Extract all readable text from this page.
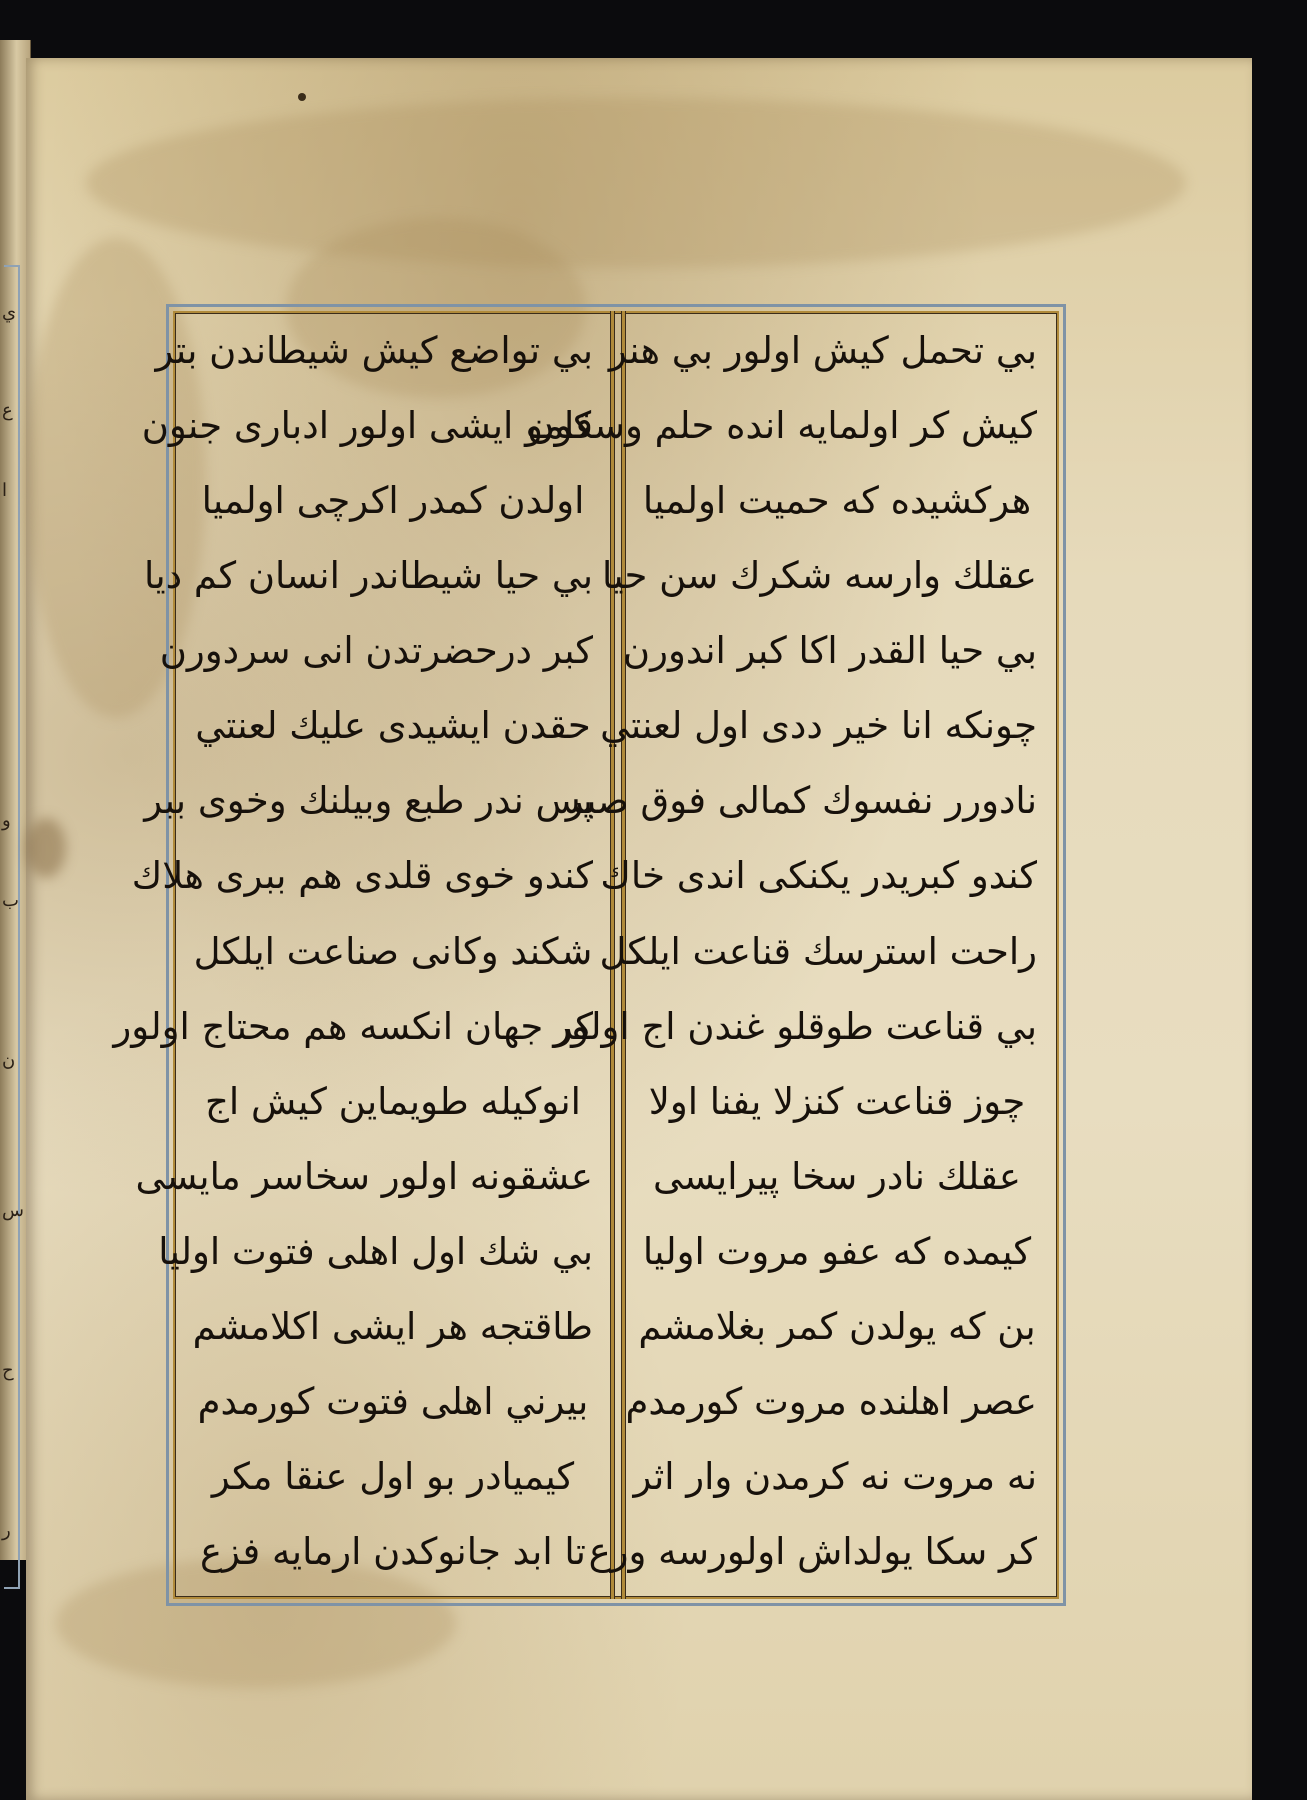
ي
ع
ا
و
ب
ن
س
ح
ر
بي تحمل كيش اولور بي هنر
كيش كر اولمايه انده حلم وسكون
هركشيده كه حميت اولميا
عقلك وارسه شكرك سن حيا
بي حيا القدر اكا كبر اندورن
چونكه انا خير ددى اول لعنتي
نادورر نفسوك كمالى فوق صبر
كندو كبريدر يكنكى اندى خاك
راحت استرسك قناعت ايلكل
بي قناعت طوقلو غندن اج اولور
چوز قناعت كنزلا يفنا اولا
عقلك نادر سخا پيرايسى
كيمده كه عفو مروت اوليا
بن كه يولدن كمر بغلامشم
عصر اهلنده مروت كورمدم
نه مروت نه كرمدن وار اثر
كر سكا يولداش اولورسه ورع
بي تواضع كيش شيطاندن بتر
قامو ايشى اولور ادبارى جنون
اولدن كمدر اكرچى اولميا
بي حيا شيطاندر انسان كم ديا
كبر درحضرتدن انى سردورن
حقدن ايشيدى عليك لعنتي
پس ندر طبع وبيلنك وخوى ببر
كندو خوى قلدى هم ببرى هلاك
شكند وكانى صناعت ايلكل
كر جهان انكسه هم محتاج اولور
انوكيله طويماين كيش اج
عشقونه اولور سخاسر مايسى
بي شك اول اهلى فتوت اوليا
طاقتجه هر ايشى اكلامشم
بيرني اهلى فتوت كورمدم
كيميادر بو اول عنقا مكر
تا ابد جانوكدن ارمايه فزع
